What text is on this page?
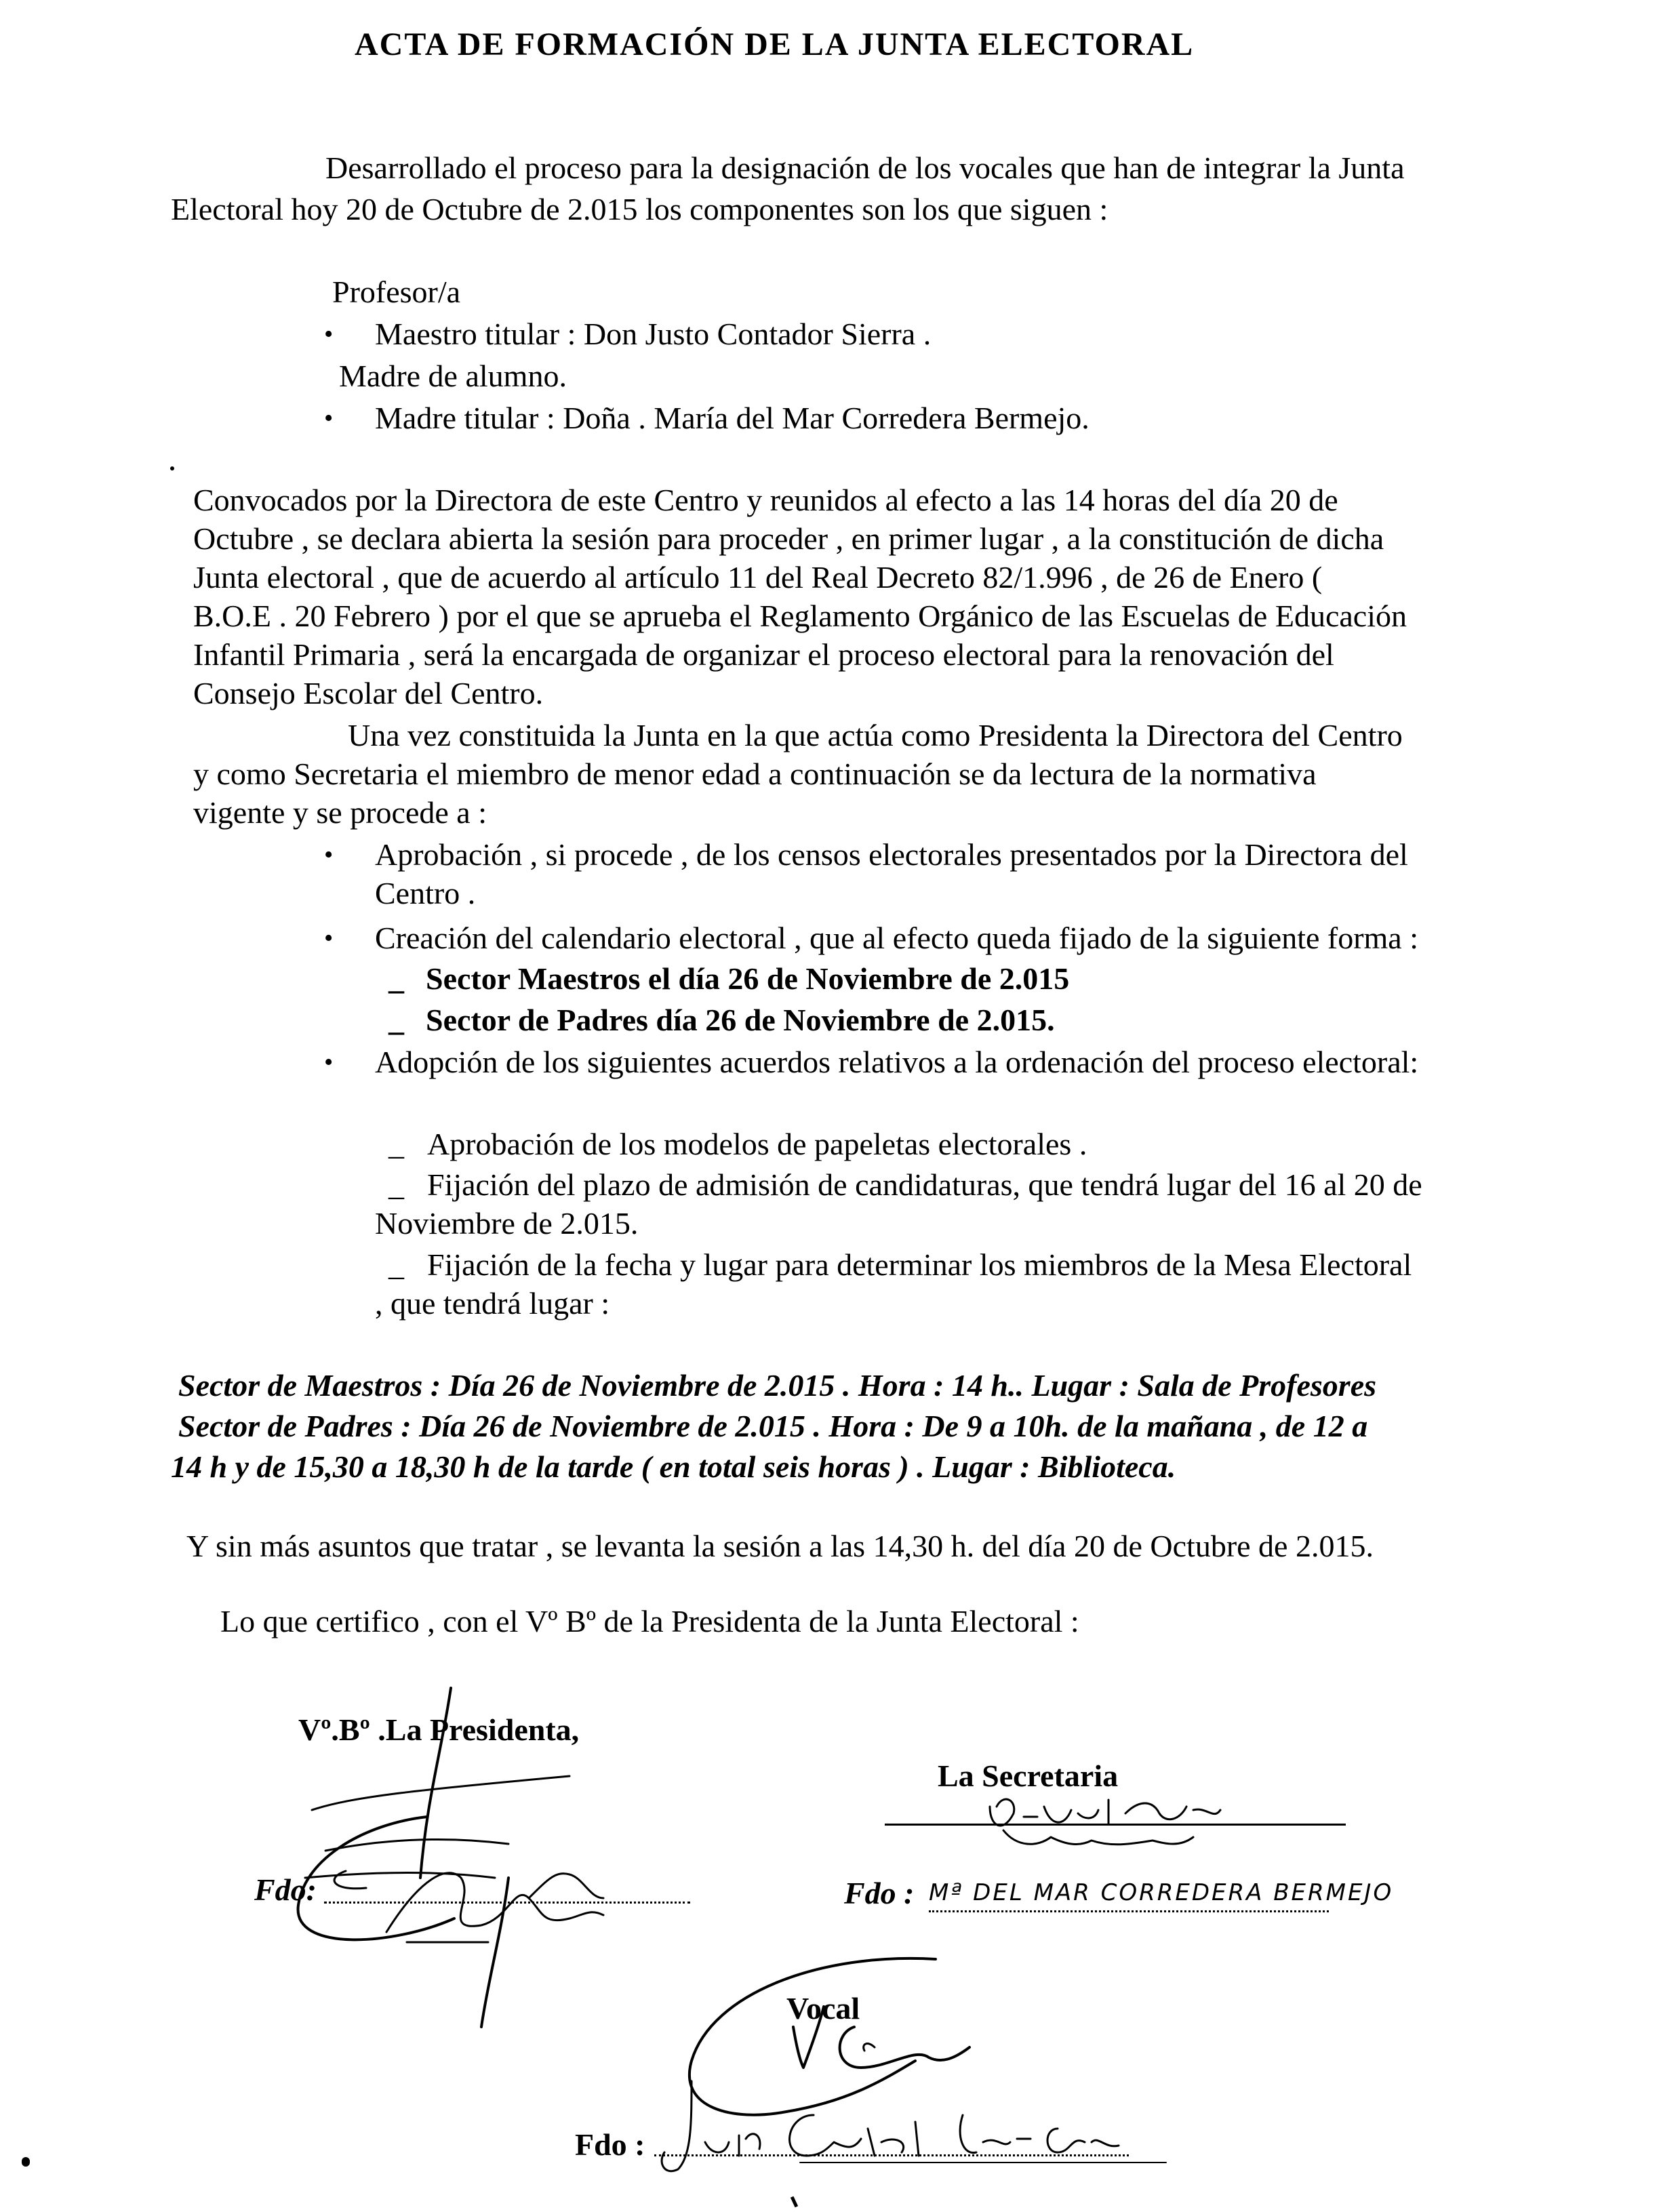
ACTA DE FORMACIÓN DE LA JUNTA ELECTORAL
Desarrollado el proceso para la designación de los vocales que han de integrar la Junta
Electoral hoy 20 de Octubre de 2.015 los componentes son los que siguen :
Profesor/a
• Maestro titular : Don Justo Contador Sierra .
Madre de alumno.
• Madre titular : Doña . María del Mar Corredera Bermejo.
Convocados por la Directora de este Centro y reunidos al efecto a las 14 horas del día 20 de
Octubre , se declara abierta la sesión para proceder , en primer lugar , a la constitución de dicha
Junta electoral , que de acuerdo al artículo 11 del Real Decreto 82/1.996 , de 26 de Enero (
B.O.E . 20 Febrero ) por el que se aprueba el Reglamento Orgánico de las Escuelas de Educación
Infantil Primaria , será la encargada de organizar el proceso electoral para la renovación del
Consejo Escolar del Centro.
Una vez constituida la Junta en la que actúa como Presidenta la Directora del Centro
y como Secretaria el miembro de menor edad a continuación se da lectura de la normativa
vigente y se procede a :
• Aprobación , si procede , de los censos electorales presentados por la Directora del
Centro .
• Creación del calendario electoral , que al efecto queda fijado de la siguiente forma :
_ Sector Maestros el día 26 de Noviembre de 2.015
_ Sector de Padres día 26 de Noviembre de 2.015.
• Adopción de los siguientes acuerdos relativos a la ordenación del proceso electoral:
_ Aprobación de los modelos de papeletas electorales .
_ Fijación del plazo de admisión de candidaturas, que tendrá lugar del 16 al 20 de
Noviembre de 2.015.
_ Fijación de la fecha y lugar para determinar los miembros de la Mesa Electoral
, que tendrá lugar :
Sector de Maestros : Día 26 de Noviembre de 2.015 . Hora : 14 h.. Lugar : Sala de Profesores
Sector de Padres : Día 26 de Noviembre de 2.015 . Hora : De 9 a 10h. de la mañana , de 12 a
14 h y de 15,30 a 18,30 h de la tarde ( en total seis horas ) . Lugar : Biblioteca.
Y sin más asuntos que tratar , se levanta la sesión a las 14,30 h. del día 20 de Octubre de 2.015.
Lo que certifico , con el Vº Bº de la Presidenta de la Junta Electoral :
Vº.Bº .La Presidenta,
Fdo:
La Secretaria
Fdo : Mª DEL MAR CORREDERA BERMEJO
Vocal
Fdo :
